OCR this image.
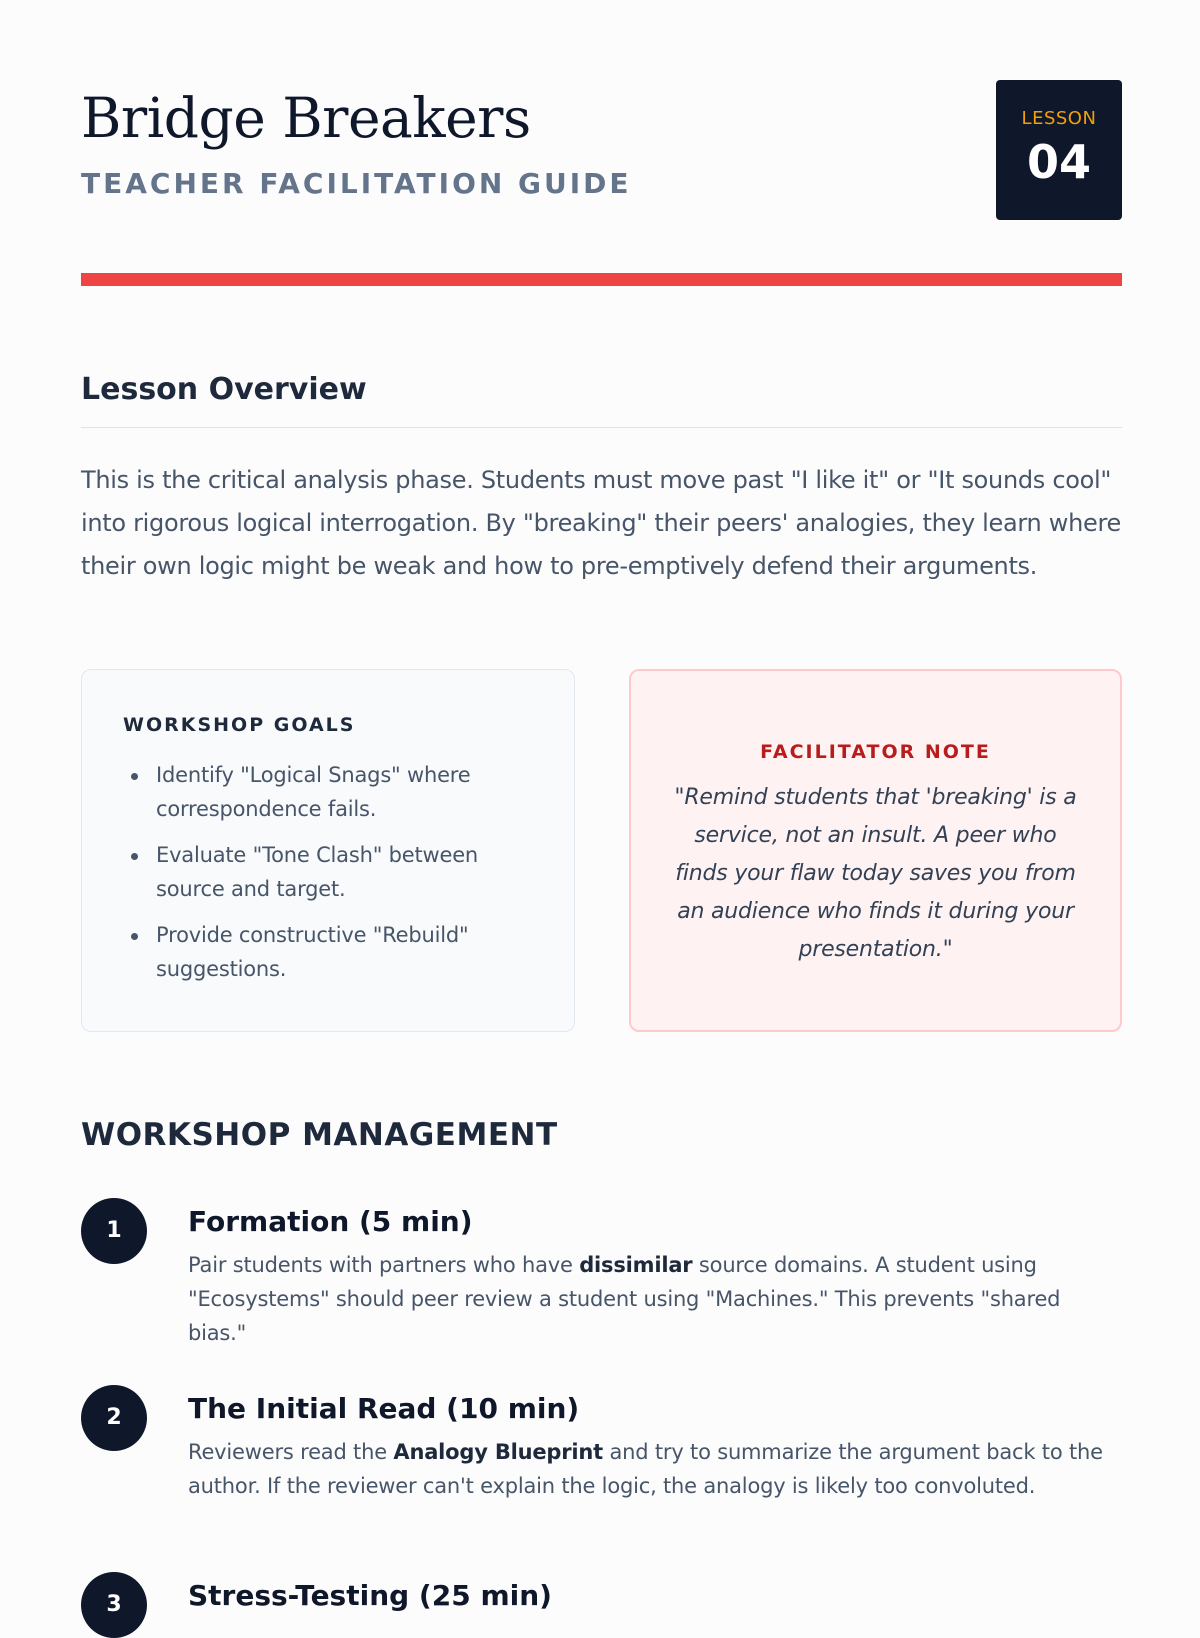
Bridge Breakers
TEACHER FACILITATION GUIDE
LESSON
04
Lesson Overview

This is the critical analysis phase. Students must move past "I like it" or "It sounds cool" into rigorous logical interrogation. By "breaking" their peers' analogies, they learn where their own logic might be weak and how to pre-emptively defend their arguments.

WORKSHOP GOALS
Identify "Logical Snags" where correspondence fails.
Evaluate "Tone Clash" between source and target.
Provide constructive "Rebuild" suggestions.
FACILITATOR NOTE

"Remind students that 'breaking' is a service, not an insult. A peer who finds your flaw today saves you from an audience who finds it during your presentation."

WORKSHOP MANAGEMENT
1	Formation (5 min)

Pair students with partners who have dissimilar source domains. A student using "Ecosystems" should peer review a student using "Machines." This prevents "shared bias."

2	The Initial Read (10 min)

Reviewers read the Analogy Blueprint and try to summarize the argument back to the author. If the reviewer can't explain the logic, the analogy is likely too convoluted.

3	Stress-Testing (25 min)
